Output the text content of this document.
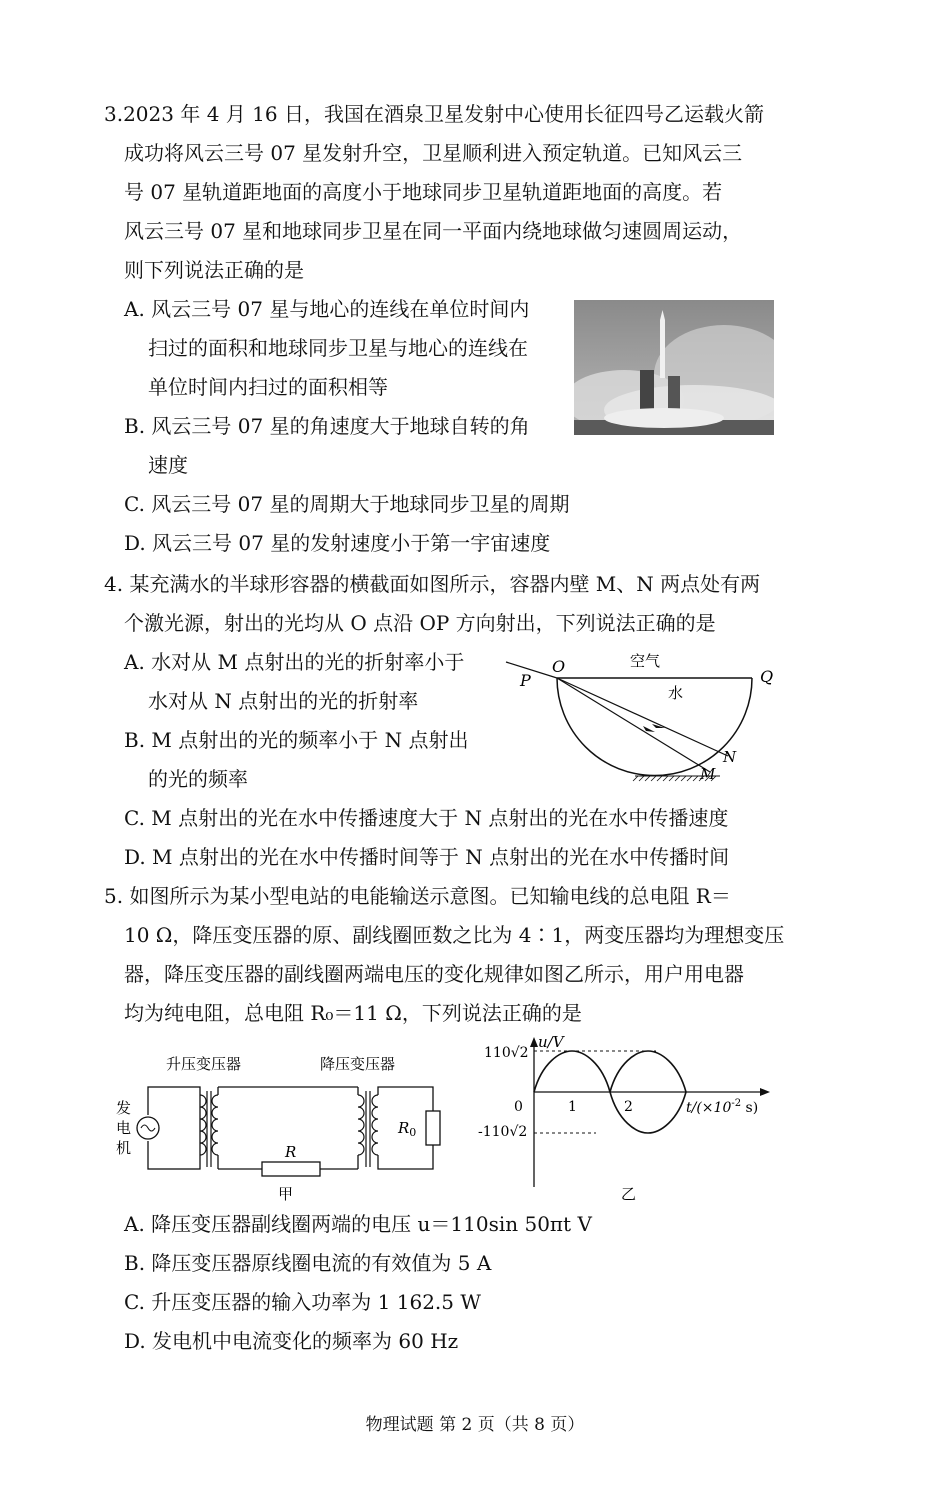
3.2023 年 4 月 16 日，我国在酒泉卫星发射中心使用长征四号乙运载火箭
成功将风云三号 07 星发射升空，卫星顺利进入预定轨道。已知风云三
号 07 星轨道距地面的高度小于地球同步卫星轨道距地面的高度。若
风云三号 07 星和地球同步卫星在同一平面内绕地球做匀速圆周运动，
则下列说法正确的是
A. 风云三号 07 星与地心的连线在单位时间内
扫过的面积和地球同步卫星与地心的连线在
单位时间内扫过的面积相等
B. 风云三号 07 星的角速度大于地球自转的角
速度
C. 风云三号 07 星的周期大于地球同步卫星的周期
D. 风云三号 07 星的发射速度小于第一宇宙速度
4. 某充满水的半球形容器的横截面如图所示，容器内壁 M、N 两点处有两
个激光源，射出的光均从 O 点沿 OP 方向射出，下列说法正确的是
A. 水对从 M 点射出的光的折射率小于
水对从 N 点射出的光的折射率
B. M 点射出的光的频率小于 N 点射出
的光的频率
C. M 点射出的光在水中传播速度大于 N 点射出的光在水中传播速度
D. M 点射出的光在水中传播时间等于 N 点射出的光在水中传播时间
O
P	Q
N
M
空气
水
5. 如图所示为某小型电站的电能输送示意图。已知输电线的总电阻 R＝
10 Ω，降压变压器的原、副线圈匝数之比为 4∶1，两变压器均为理想变压
器，降压变压器的副线圈两端电压的变化规律如图乙所示，用户用电器
均为纯电阻，总电阻 R₀＝11 Ω，下列说法正确的是
升压变压器	降压变压器
发
电
机	R
$R_0$
甲
u/V
110√2
0
-110√2
1	2	$t/(\times 10^{-2}$ s)
乙
A. 降压变压器副线圈两端的电压 u＝110sin 50πt V
B. 降压变压器原线圈电流的有效值为 5 A
C. 升压变压器的输入功率为 1 162.5 W
D. 发电机中电流变化的频率为 60 Hz
物理试题 第 2 页（共 8 页）
